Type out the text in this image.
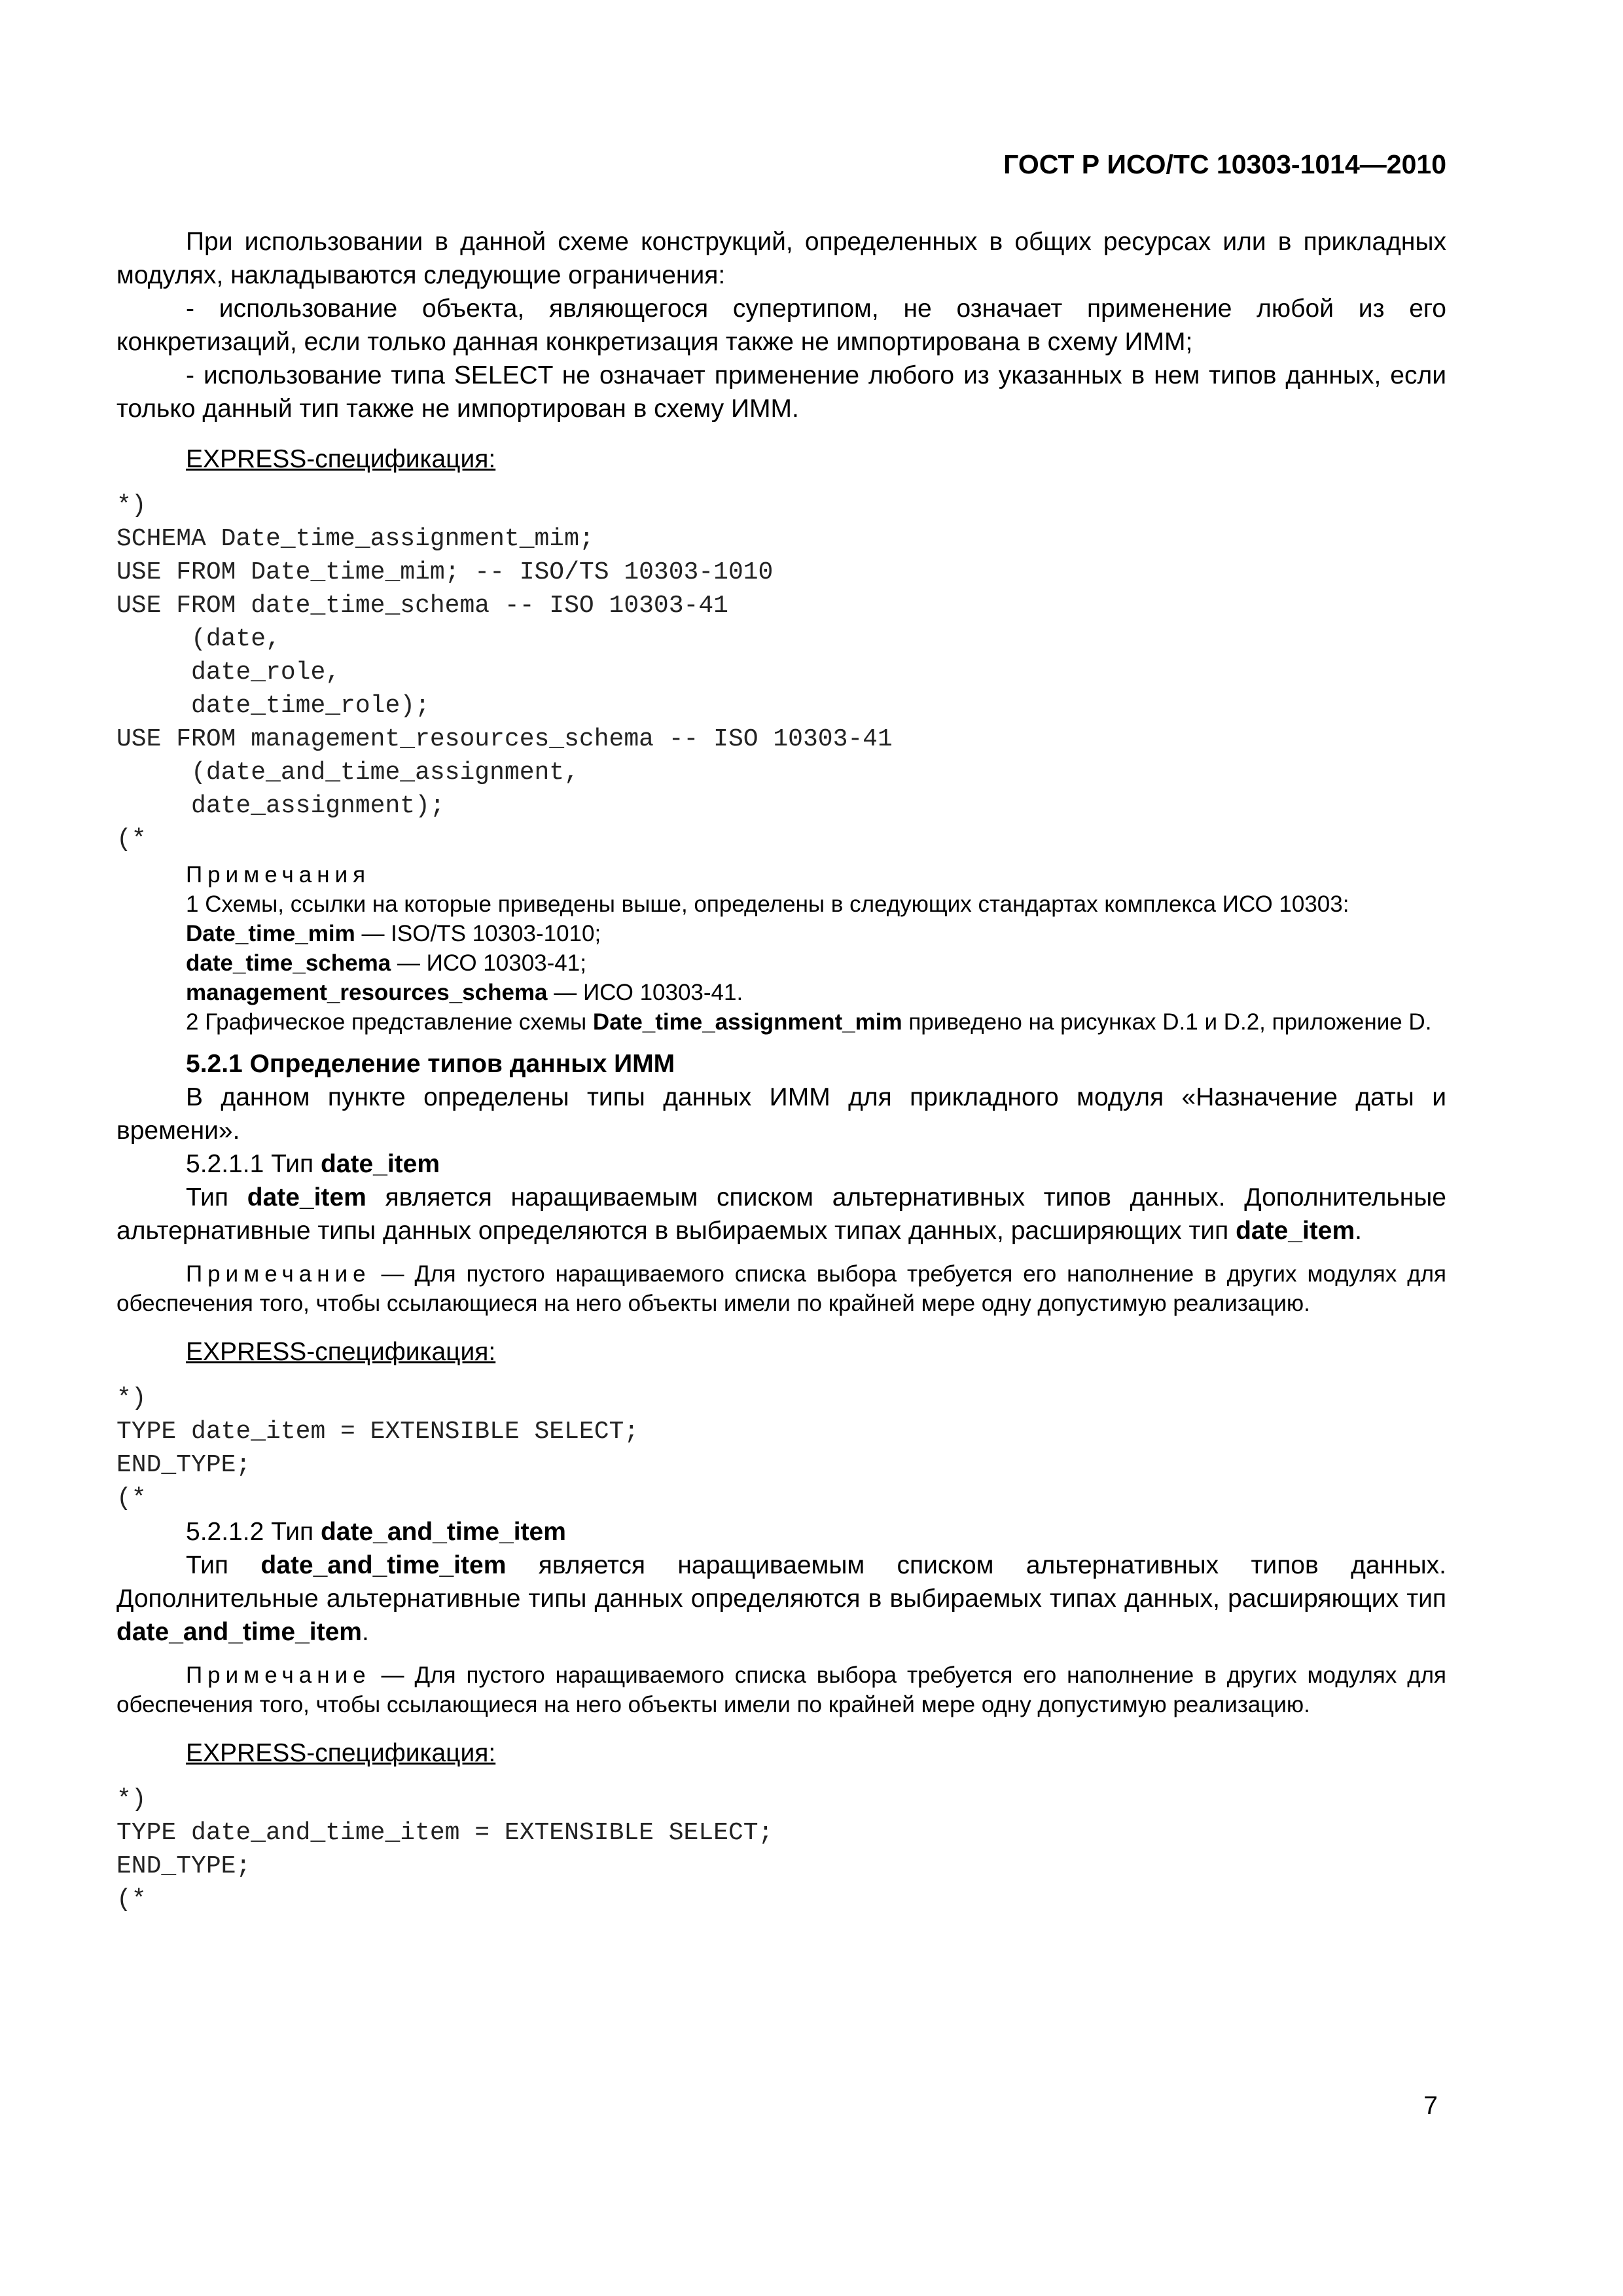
ГОСТ Р ИСО/ТС 10303-1014—2010

При использовании в данной схеме конструкций, определенных в общих ресурсах или в прикладных модулях, накладываются следующие ограничения:

- использование объекта, являющегося супертипом, не означает применение любой из его конкретизаций, если только данная конкретизация также не импортирована в схему ИММ;

- использование типа SELECT не означает применение любого из указанных в нем типов данных, если только данный тип также не импортирован в схему ИММ.

EXPRESS-спецификация:
*)
SCHEMA Date_time_assignment_mim;
USE FROM Date_time_mim; -- ISO/TS 10303-1010
USE FROM date_time_schema -- ISO 10303-41
(date,
date_role,
date_time_role);
USE FROM management_resources_schema -- ISO 10303-41
(date_and_time_assignment,
date_assignment);
(*

Примечания

1 Схемы, ссылки на которые приведены выше, определены в следующих стандартах комплекса ИСО 10303:

Date_time_mim — ISO/TS 10303-1010;
date_time_schema — ИСО 10303-41;
management_resources_schema — ИСО 10303-41.

2 Графическое представление схемы Date_time_assignment_mim приведено на рисунках D.1 и D.2, приложение D.

5.2.1 Определение типов данных ИММ

В данном пункте определены типы данных ИММ для прикладного модуля «Назначение даты и времени».

5.2.1.1 Тип date_item

Тип date_item является наращиваемым списком альтернативных типов данных. Дополнительные альтернативные типы данных определяются в выбираемых типах данных, расширяющих тип date_item.

Примечание — Для пустого наращиваемого списка выбора требуется его наполнение в других модулях для обеспечения того, чтобы ссылающиеся на него объекты имели по крайней мере одну допустимую реализацию.

EXPRESS-спецификация:
*)
TYPE date_item = EXTENSIBLE SELECT;
END_TYPE;
(*
5.2.1.2 Тип date_and_time_item

Тип date_and_time_item является наращиваемым списком альтернативных типов данных. Дополнительные альтернативные типы данных определяются в выбираемых типах данных, расширяющих тип date_and_time_item.

Примечание — Для пустого наращиваемого списка выбора требуется его наполнение в других модулях для обеспечения того, чтобы ссылающиеся на него объекты имели по крайней мере одну допустимую реализацию.

EXPRESS-спецификация:
*)
TYPE date_and_time_item = EXTENSIBLE SELECT;
END_TYPE;
(*
7
